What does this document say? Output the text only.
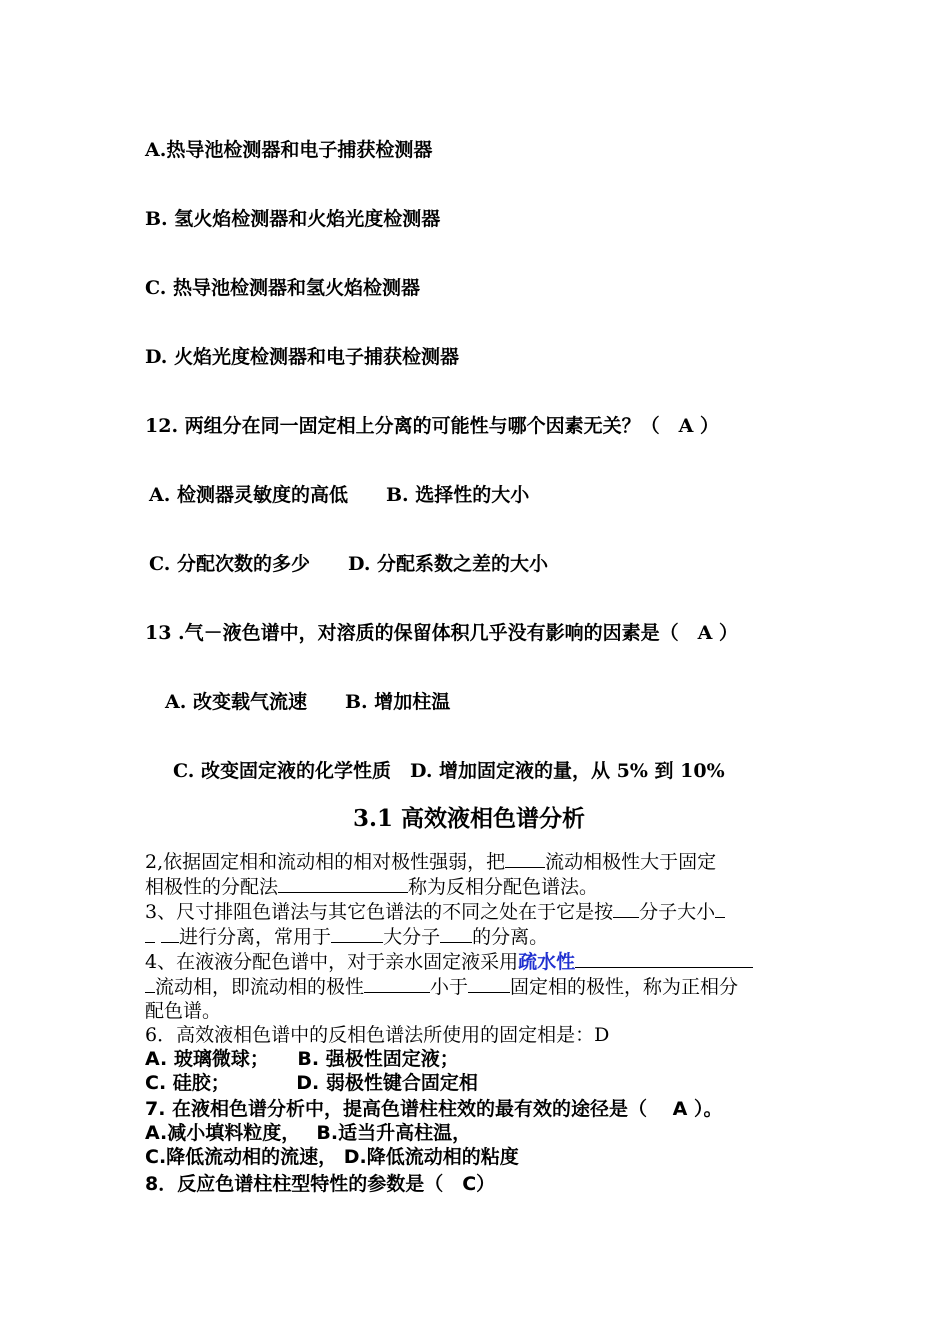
A.热导池检测器和电子捕获检测器
B. 氢火焰检测器和火焰光度检测器
C. 热导池检测器和氢火焰检测器
D. 火焰光度检测器和电子捕获检测器
12. 两组分在同一固定相上分离的可能性与哪个因素无关？（　A ）
A. 检测器灵敏度的高低　　B. 选择性的大小
C. 分配次数的多少　　D. 分配系数之差的大小
13 .气－液色谱中，对溶质的保留体积几乎没有影响的因素是（　A ）
A. 改变载气流速　　B. 增加柱温
C. 改变固定液的化学性质　D. 增加固定液的量，从 5% 到 10%
3.1 高效液相色谱分析
2,依据固定相和流动相的相对极性强弱，把 流动相极性大于固定
相极性的分配法	称为反相分配色谱法。
3、尺寸排阻色谱法与其它色谱法的不同之处在于它是按 分子大小
进行分离，常用于	大分子 的分离。
4、在液液分配色谱中，对于亲水固定液采用疏水性
流动相，即流动相的极性	小于 固定相的极性，称为正相分
配色谱。
6．高效液相色谱中的反相色谱法所使用的固定相是：D
A. 玻璃微球；　　B. 强极性固定液；
C. 硅胶；　　　　D. 弱极性键合固定相
7. 在液相色谱分析中，提高色谱柱柱效的最有效的途径是（　 A ）。
A.减小填料粒度，　 B.适当升高柱温，
C.降低流动相的流速， D.降低流动相的粘度
8．反应色谱柱柱型特性的参数是（　C）
